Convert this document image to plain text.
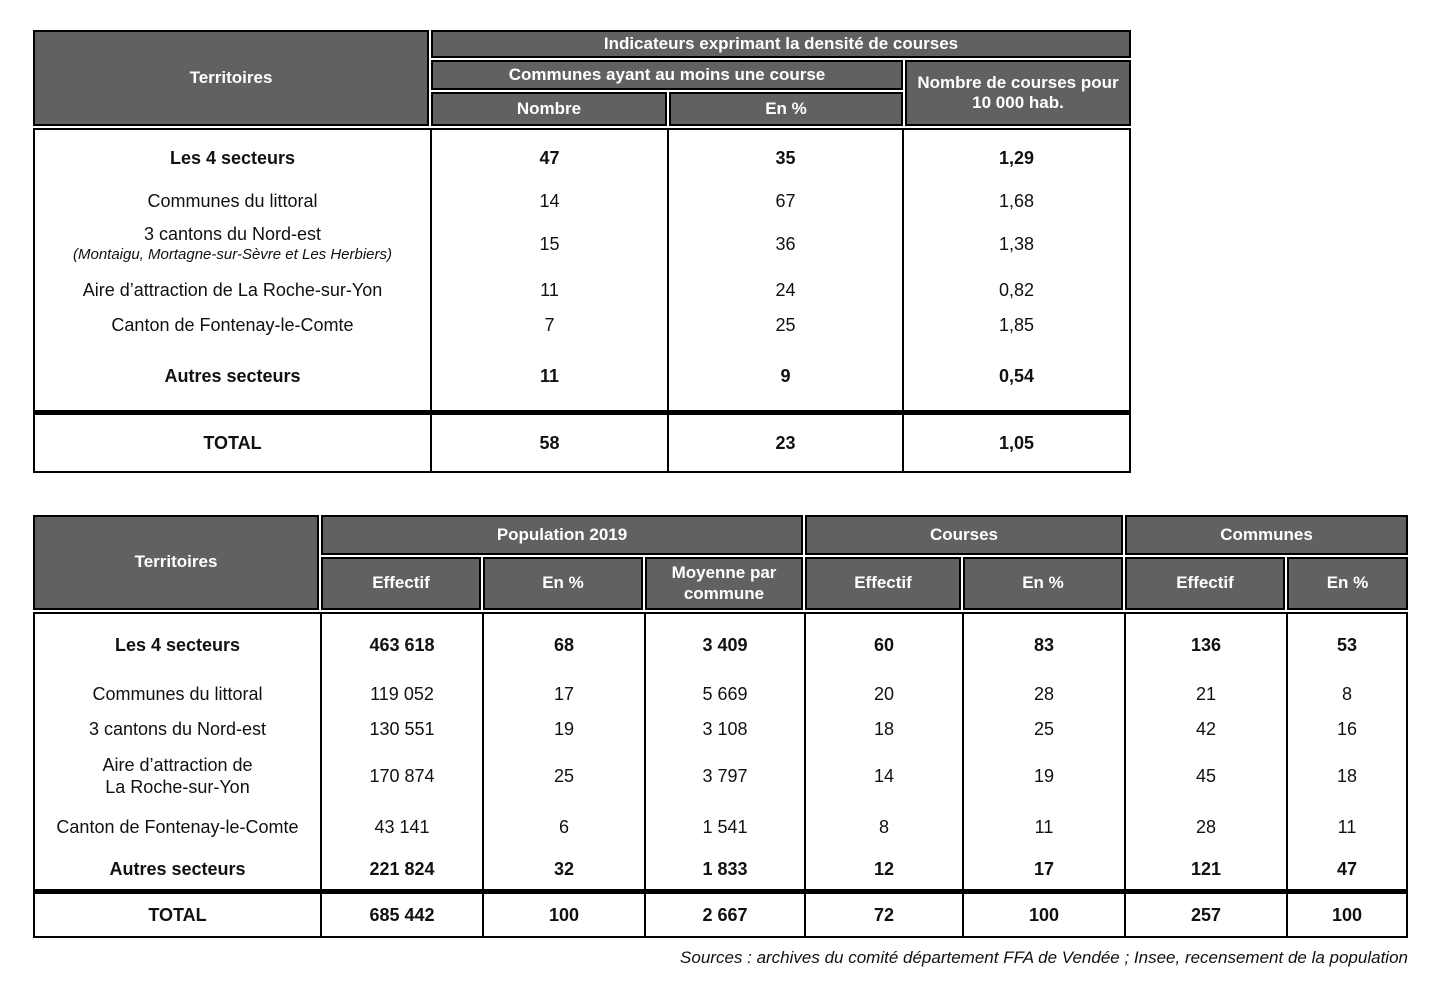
Territoires
Indicateurs exprimant la densité de courses
Communes ayant au moins une course	Nombre de courses pour 10 000 hab.
Nombre	En %
Les 4 secteurs	47	35	1,29
Communes du littoral	14	67	1,68
3 cantons du Nord-est
(Montaigu, Mortagne-sur-Sèvre et Les Herbiers)
15	36	1,38
Aire d’attraction de La Roche-sur-Yon	11	24	0,82
Canton de Fontenay-le-Comte	7	25	1,85
Autres secteurs	11	9	0,54
TOTAL	58	23	1,05
Territoires
Population 2019	Courses	Communes
Effectif	En %
Moyenne par commune
Effectif	En %	Effectif	En %
Les 4 secteurs	463 618	68	3 409	60	83	136	53
Communes du littoral	119 052	17	5 669	20	28	21	8
3 cantons du Nord-est	130 551	19	3 108	18	25	42	16
Aire d’attraction de
La Roche-sur-Yon
170 874	25	3 797	14	19	45	18
Canton de Fontenay-le-Comte	43 141	6	1 541	8	11	28	11
Autres secteurs	221 824	32	1 833	12	17	121	47
TOTAL	685 442	100	2 667	72	100	257	100
Sources : archives du comité département FFA de Vendée ; Insee, recensement de la population
